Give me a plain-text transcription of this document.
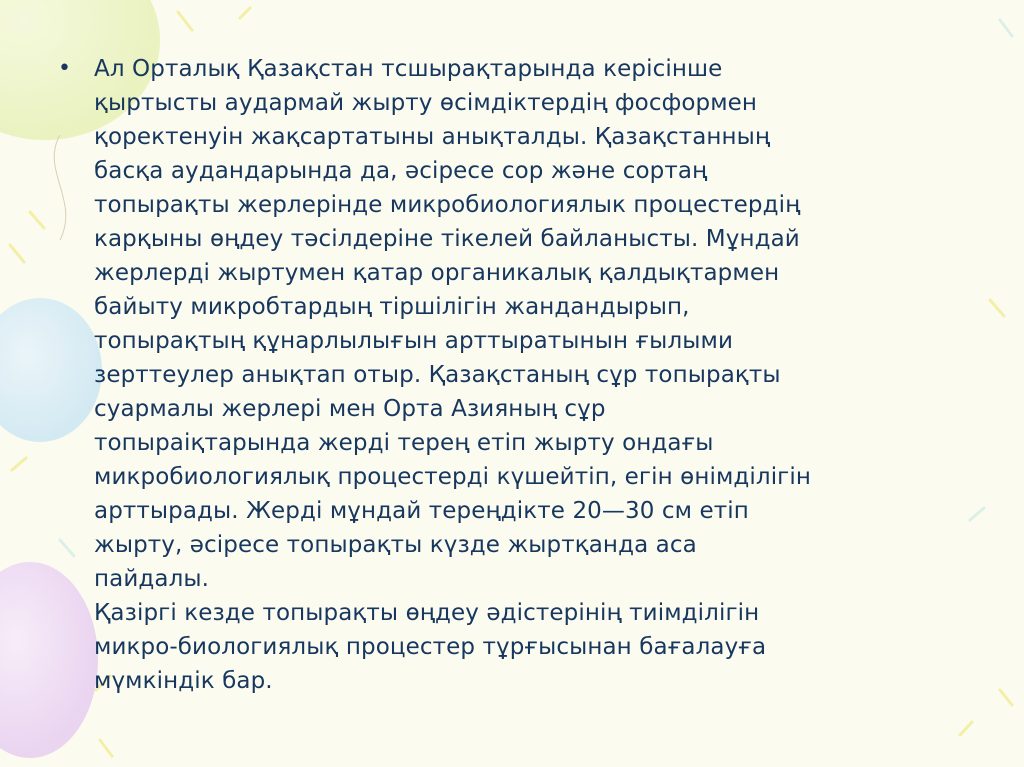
• Ал Орталық Қазақстан тсшырақтарында керісінше
қыртысты аудармай жырту өсімдіктердің фосформен
қоректенуін жақсартатыны анықталды. Қазақстанның
басқа аудандарында да, әсіресе сор және сортаң
топырақты жерлерінде микробиологиялык процестердің
карқыны өңдеу тәсілдеріне тікелей байланысты. Мұндай
жерлерді жыртумен қатар органикалық қалдықтармен
байыту микробтардың тіршілігін жандандырып,
топырақтың құнарлылығын арттыратынын ғылыми
зерттеулер анықтап отыр. Қазақстаның сұр топырақты
суармалы жерлері мен Орта Азияның сұр
топыраіқтарында жерді терең етіп жырту ондағы
микробиологиялық процестерді күшейтіп, егін өнімділігін
арттырады. Жерді мұндай тереңдікте 20—30 см етіп
жырту, әсіресе топырақты күзде жыртқанда аса
пайдалы.
Қазіргі кезде топырақты өңдеу әдістерінің тиімділігін
микро-биологиялық процестер тұрғысынан бағалауға
мүмкіндік бар.
